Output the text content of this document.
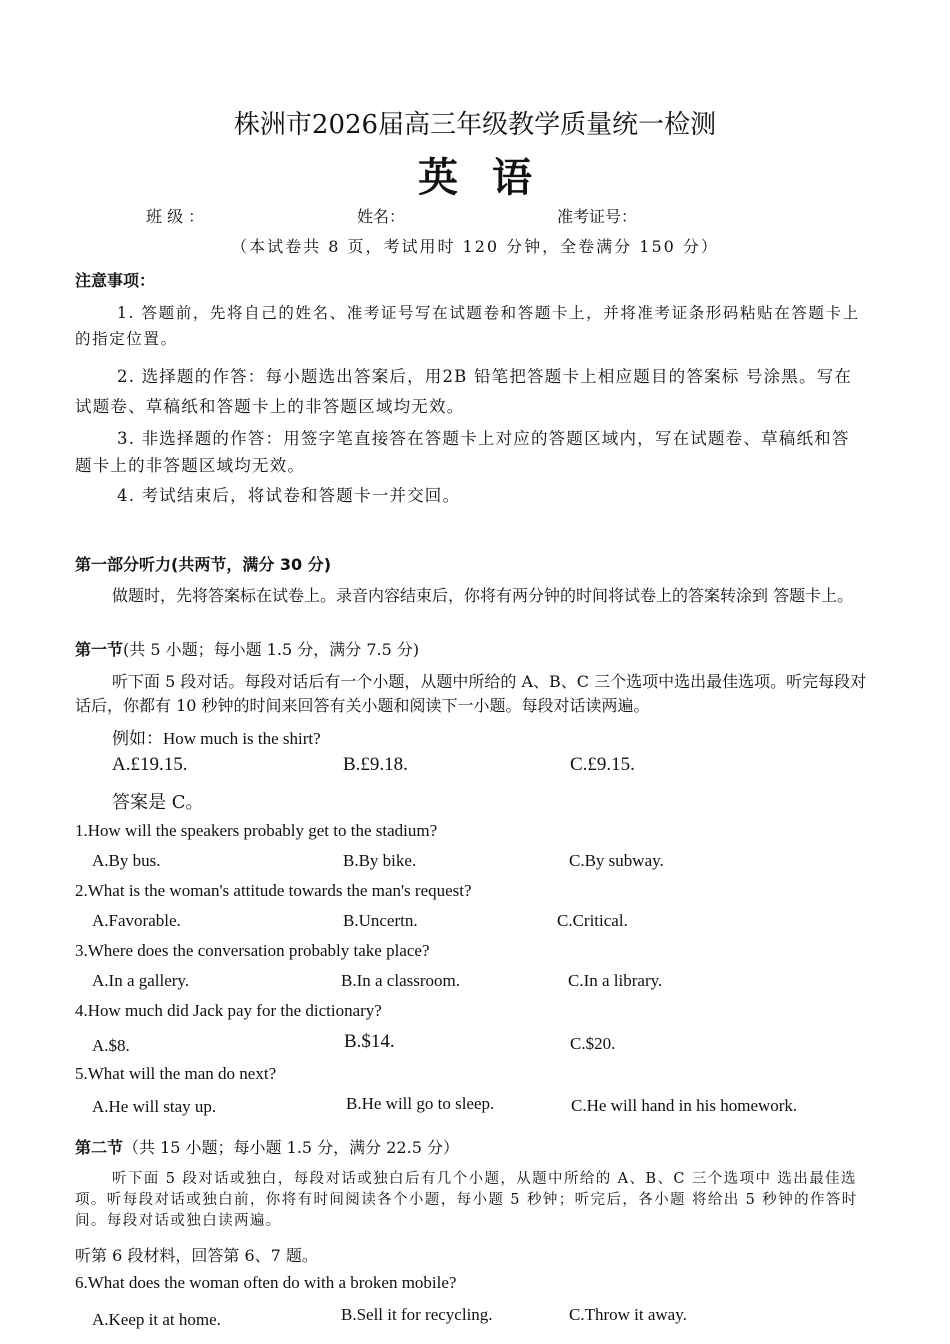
株洲市2026届高三年级教学质量统一检测
英语
班 级 ：	姓名：	准考证号：
（本试卷共 8 页，考试用时 120 分钟，全卷满分 150 分）
注意事项：
1. 答题前，先将自己的姓名、准考证号写在试题卷和答题卡上，并将准考证条形码粘贴在答题卡上的指定位置。
2. 选择题的作答：每小题选出答案后，用2B 铅笔把答题卡上相应题目的答案标 号涂黑。写在试题卷、草稿纸和答题卡上的非答题区域均无效。
3. 非选择题的作答：用签字笔直接答在答题卡上对应的答题区域内，写在试题卷、草稿纸和答题卡上的非答题区域均无效。
4. 考试结束后，将试卷和答题卡一并交回。
第一部分听力(共两节，满分 30 分)
做题时，先将答案标在试卷上。录音内容结束后，你将有两分钟的时间将试卷上的答案转涂到 答题卡上。
第一节(共 5 小题；每小题 1.5 分，满分 7.5 分)
听下面 5 段对话。每段对话后有一个小题，从题中所给的 A、B、C 三个选项中选出最佳选项。听完每段对话后，你都有 10 秒钟的时间来回答有关小题和阅读下一小题。每段对话读两遍。
例如：How much is the shirt?
A.£19.15.	B.£9.18.	C.£9.15.
答案是 C。
1.How will the speakers probably get to the stadium?
A.By bus.	B.By bike.	C.By subway.
2.What is the woman's attitude towards the man's request?
A.Favorable.	B.Uncertn.	C.Critical.
3.Where does the conversation probably take place?
A.In a gallery.	B.In a classroom.	C.In a library.
4.How much did Jack pay for the dictionary?
A.$8.	B.$14.	C.$20.
5.What will the man do next?
A.He will stay up.	B.He will go to sleep.	C.He will hand in his homework.
第二节（共 15 小题；每小题 1.5 分，满分 22.5 分）
听下面 5 段对话或独白，每段对话或独白后有几个小题，从题中所给的 A、B、C 三个选项中 选出最佳选项。听每段对话或独白前，你将有时间阅读各个小题，每小题 5 秒钟；听完后，各小题 将给出 5 秒钟的作答时间。每段对话或独白读两遍。
听第 6 段材料，回答第 6、7 题。
6.What does the woman often do with a broken mobile?
A.Keep it at home.	B.Sell it for recycling.	C.Throw it away.
